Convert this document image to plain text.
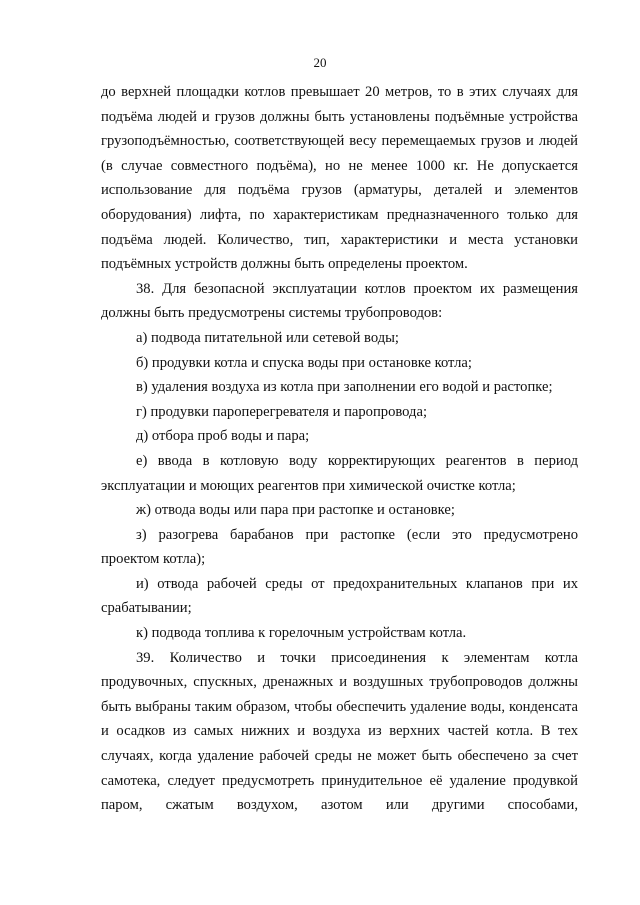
20

до верхней площадки котлов превышает 20 метров, то в этих случаях для подъёма людей и грузов должны быть установлены подъёмные устройства грузоподъёмностью, соответствующей весу перемещаемых грузов и людей (в случае совместного подъёма), но не менее 1000 кг. Не допускается использование для подъёма грузов (арматуры, деталей и элементов оборудования) лифта, по характеристикам предназначенного только для подъёма людей. Количество, тип, характеристики и места установки подъёмных устройств должны быть определены проектом.

38. Для безопасной эксплуатации котлов проектом их размещения должны быть предусмотрены системы трубопроводов:

а) подвода питательной или сетевой воды;

б) продувки котла и спуска воды при остановке котла;

в) удаления воздуха из котла при заполнении его водой и растопке;

г) продувки пароперегревателя и паропровода;

д) отбора проб воды и пара;

е) ввода в котловую воду корректирующих реагентов в период эксплуатации и моющих реагентов при химической очистке котла;

ж) отвода воды или пара при растопке и остановке;

з) разогрева барабанов при растопке (если это предусмотрено проектом котла);

и) отвода рабочей среды от предохранительных клапанов при их срабатывании;

к) подвода топлива к горелочным устройствам котла.

39. Количество и точки присоединения к элементам котла продувочных, спускных, дренажных и воздушных трубопроводов должны быть выбраны таким образом, чтобы обеспечить удаление воды, конденсата и осадков из самых нижних и воздуха из верхних частей котла. В тех случаях, когда удаление рабочей среды не может быть обеспечено за счет самотека, следует предусмотреть принудительное её удаление продувкой паром, сжатым воздухом, азотом или другими способами,
